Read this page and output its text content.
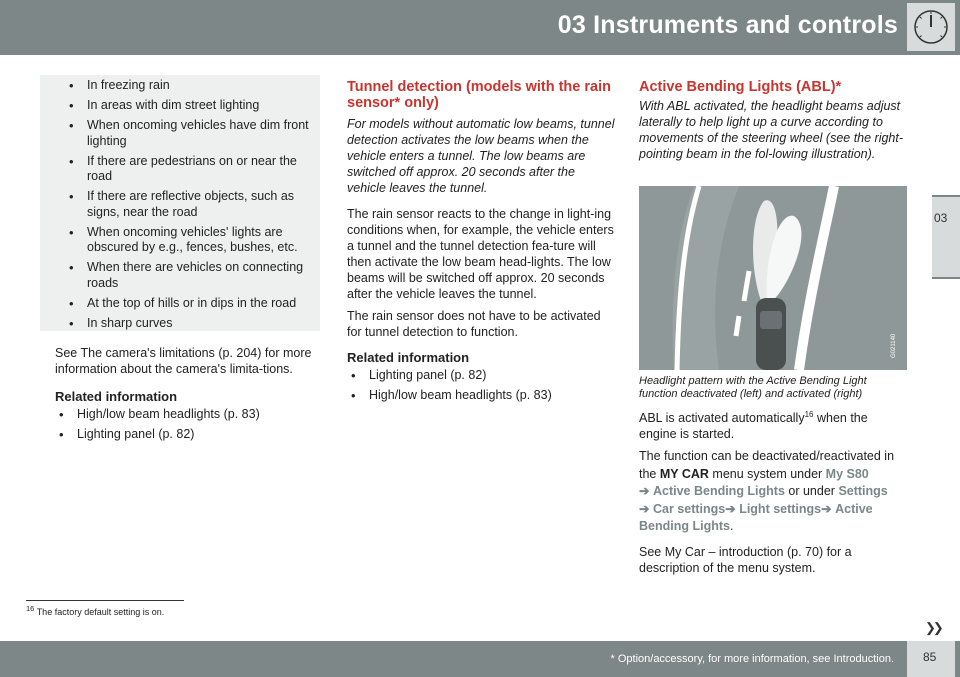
03 Instruments and controls
03
• In freezing rain
• In areas with dim street lighting
• When oncoming vehicles have dim front lighting
• If there are pedestrians on or near the road
• If there are reflective objects, such as signs, near the road
• When oncoming vehicles' lights are obscured by e.g., fences, bushes, etc.
• When there are vehicles on connecting roads
• At the top of hills or in dips in the road
• In sharp curves

See The camera's limitations (p. 204) for more information about the camera's limita-tions.

Related information

• High/low beam headlights (p. 83)
• Lighting panel (p. 82)

Tunnel detection (models with the rain sensor* only)

For models without automatic low beams, tunnel detection activates the low beams when the vehicle enters a tunnel. The low beams are switched off approx. 20 seconds after the vehicle leaves the tunnel.

The rain sensor reacts to the change in light-ing conditions when, for example, the vehicle enters a tunnel and the tunnel detection fea-ture will then activate the low beam head-lights. The low beams will be switched off approx. 20 seconds after the vehicle leaves the tunnel.

The rain sensor does not have to be activated for tunnel detection to function.

Related information

• Lighting panel (p. 82)
• High/low beam headlights (p. 83)

Active Bending Lights (ABL)*

With ABL activated, the headlight beams adjust laterally to help light up a curve according to movements of the steering wheel (see the right-pointing beam in the fol-lowing illustration).

G021140

Headlight pattern with the Active Bending Light function deactivated (left) and activated (right)

ABL is activated automatically$^{16}$ when the engine is started.

The function can be deactivated/reactivated in the MY CAR menu system under My S80
➔ Active Bending Lights or under Settings
➔ Car settings➔ Light settings➔ Active Bending Lights.

See My Car – introduction (p. 70) for a description of the menu system.

$^{16}$ The factory default setting is on.
❯❯
* Option/accessory, for more information, see Introduction. 85
